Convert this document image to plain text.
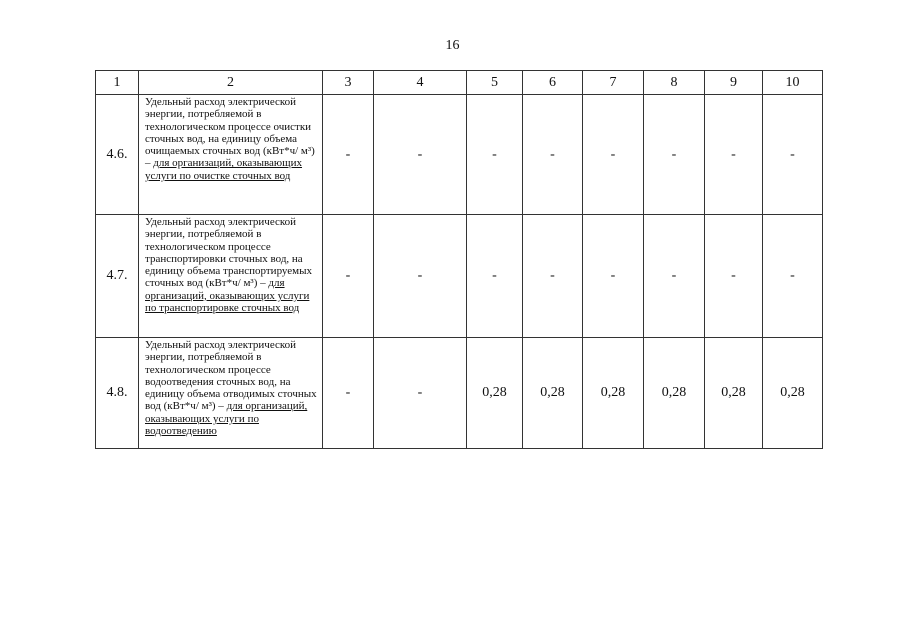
16
1	2	3	4	5	6	7	8	9	10
4.6.	Удельный расход электрической энергии, потребляемой в технологическом процессе очистки сточных вод, на единицу объема очищаемых сточных вод (кВт*ч/ м³) – для организаций, оказывающих услуги по очистке сточных вод	-	-	-	-	-	-	-	-
4.7.	Удельный расход электрической энергии, потребляемой в технологическом процессе транспортировки сточных вод, на единицу объема транспортируемых сточных вод (кВт*ч/ м³) – для организаций, оказывающих услуги по транспортировке сточных вод	-	-	-	-	-	-	-	-
4.8.	Удельный расход электрической энергии, потребляемой в технологическом процессе водоотведения сточных вод, на единицу объема отводимых сточных вод (кВт*ч/ м³) – для организаций, оказывающих услуги по водоотведению	-	-	0,28	0,28	0,28	0,28	0,28	0,28
